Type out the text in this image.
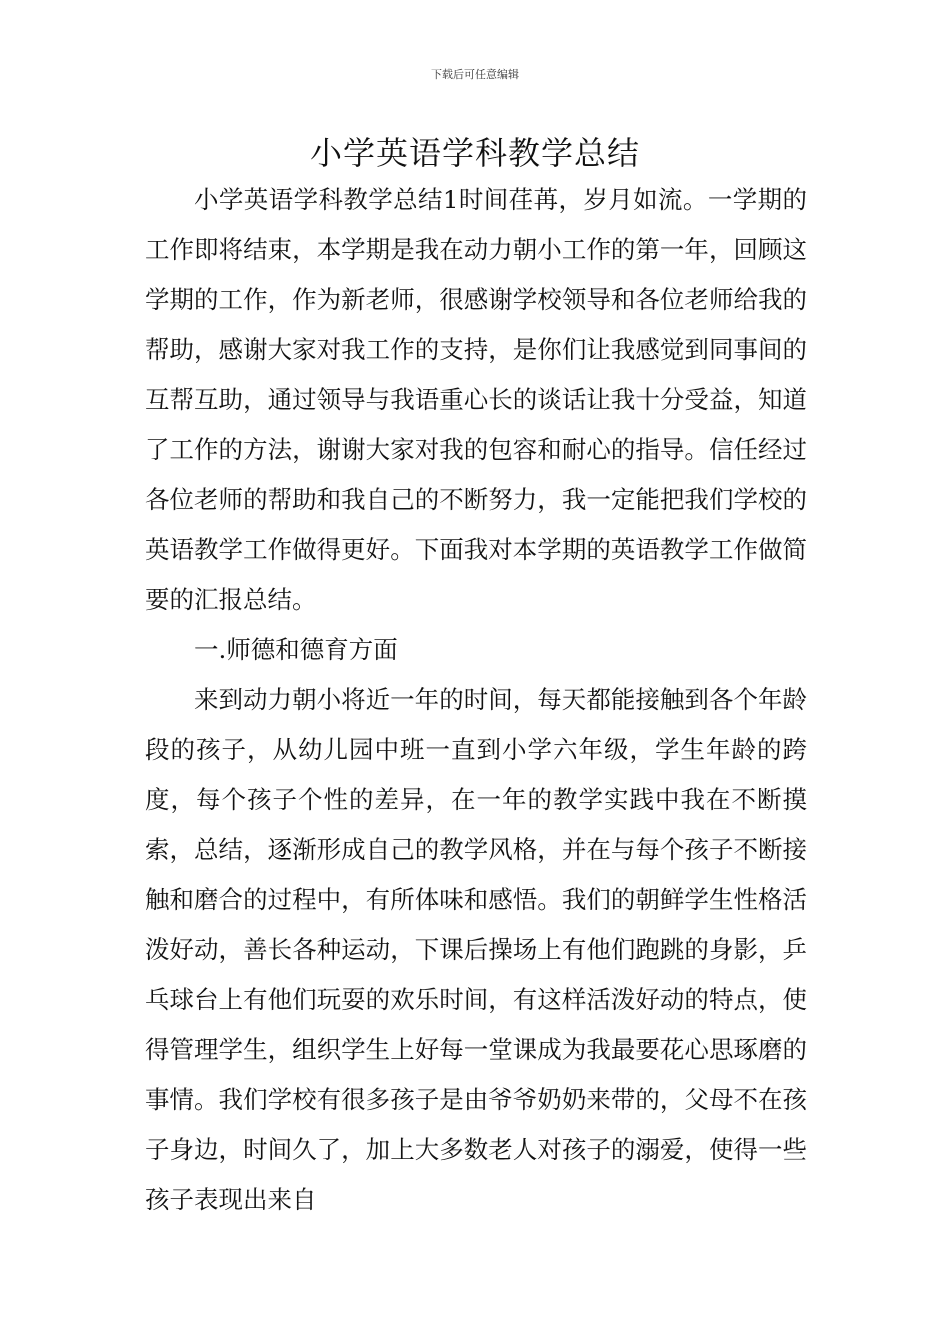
下载后可任意编辑
小学英语学科教学总结

小学英语学科教学总结1时间荏苒，岁月如流。一学期的工作即将结束，本学期是我在动力朝小工作的第一年，回顾这学期的工作，作为新老师，很感谢学校领导和各位老师给我的帮助，感谢大家对我工作的支持，是你们让我感觉到同事间的互帮互助，通过领导与我语重心长的谈话让我十分受益，知道了工作的方法，谢谢大家对我的包容和耐心的指导。信任经过各位老师的帮助和我自己的不断努力，我一定能把我们学校的英语教学工作做得更好。下面我对本学期的英语教学工作做简要的汇报总结。

一.师德和德育方面

来到动力朝小将近一年的时间，每天都能接触到各个年龄段的孩子，从幼儿园中班一直到小学六年级，学生年龄的跨度，每个孩子个性的差异，在一年的教学实践中我在不断摸索，总结，逐渐形成自己的教学风格，并在与每个孩子不断接触和磨合的过程中，有所体味和感悟。我们的朝鲜学生性格活泼好动，善长各种运动，下课后操场上有他们跑跳的身影，乒乓球台上有他们玩耍的欢乐时间，有这样活泼好动的特点，使得管理学生，组织学生上好每一堂课成为我最要花心思琢磨的事情。我们学校有很多孩子是由爷爷奶奶来带的，父母不在孩子身边，时间久了，加上大多数老人对孩子的溺爱，使得一些孩子表现出来自
